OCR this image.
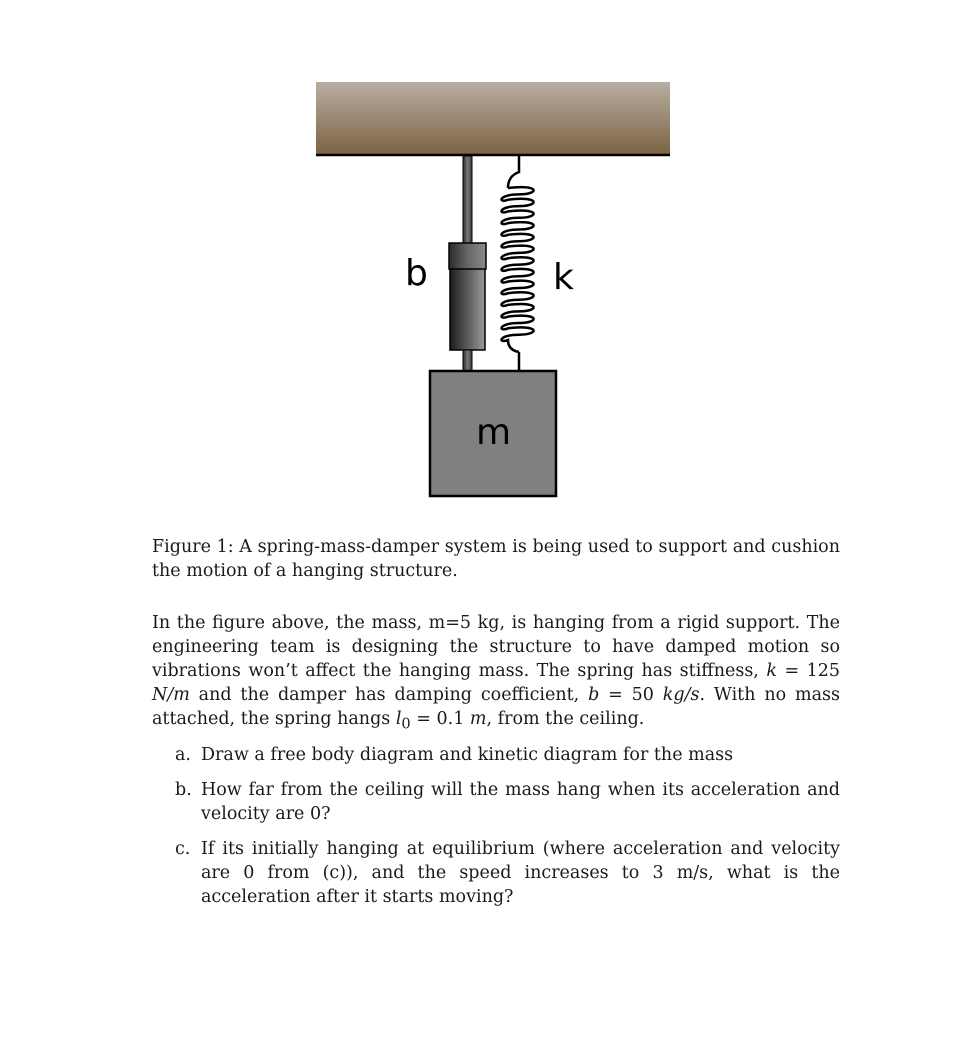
b	k
m
Figure 1: A spring-mass-damper system is being used to support and cushion the motion of a hanging structure.
In the figure above, the mass, m=5 kg, is hanging from a rigid support. The engineering team is designing the structure to have damped motion so vibrations won’t affect the hanging mass. The spring has stiffness, k = 125 N/m and the damper has damping coefficient, b = 50 kg/s. With no mass attached, the spring hangs $l_0 = 0.1$ m, from the ceiling.
a. Draw a free body diagram and kinetic diagram for the mass
b. How far from the ceiling will the mass hang when its acceleration and velocity are 0?
c. If its initially hanging at equilibrium (where acceleration and velocity are 0 from (c)), and the speed increases to 3 m/s, what is the acceleration after it starts moving?
